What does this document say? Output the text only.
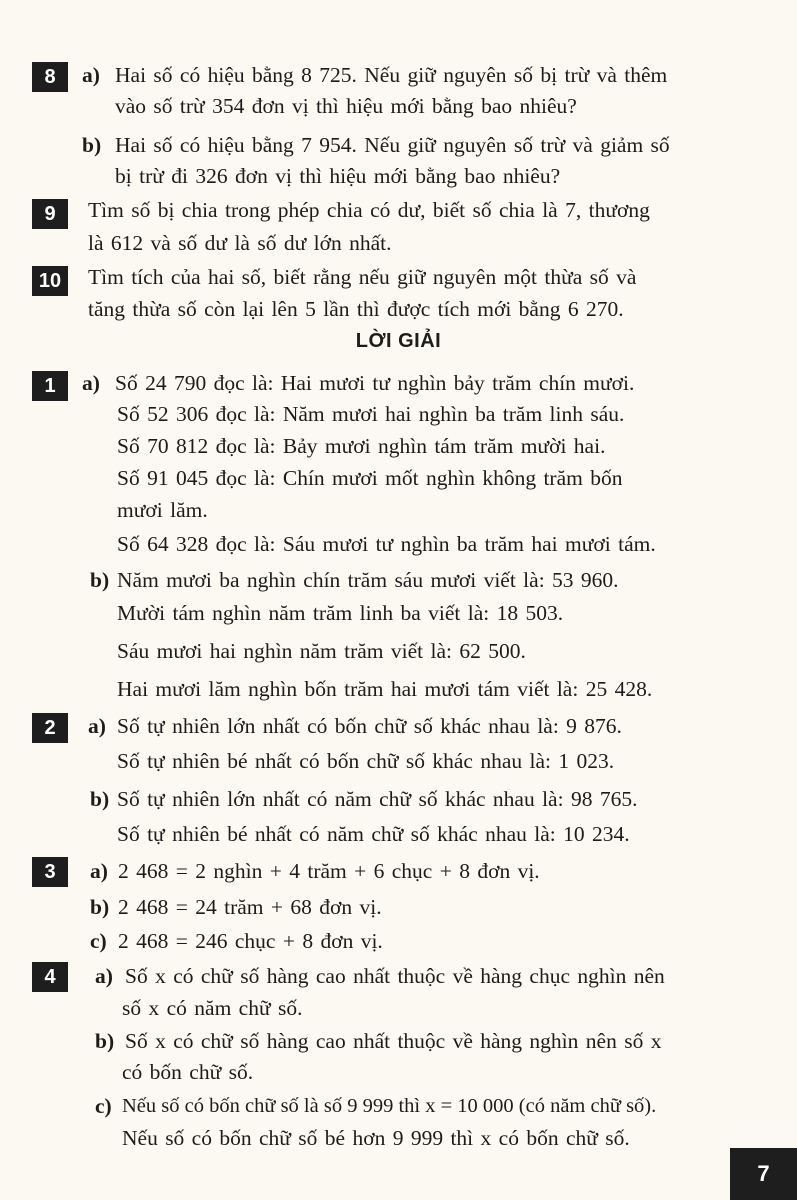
8	a) Hai số có hiệu bằng 8 725. Nếu giữ nguyên số bị trừ và thêm
vào số trừ 354 đơn vị thì hiệu mới bằng bao nhiêu?
b) Hai số có hiệu bằng 7 954. Nếu giữ nguyên số trừ và giảm số
bị trừ đi 326 đơn vị thì hiệu mới bằng bao nhiêu?
9	Tìm số bị chia trong phép chia có dư, biết số chia là 7, thương
là 612 và số dư là số dư lớn nhất.
10	Tìm tích của hai số, biết rằng nếu giữ nguyên một thừa số và
tăng thừa số còn lại lên 5 lần thì được tích mới bằng 6 270.
LỜI GIẢI
1	a) Số 24 790 đọc là: Hai mươi tư nghìn bảy trăm chín mươi.
Số 52 306 đọc là: Năm mươi hai nghìn ba trăm linh sáu.
Số 70 812 đọc là: Bảy mươi nghìn tám trăm mười hai.
Số 91 045 đọc là: Chín mươi mốt nghìn không trăm bốn
mươi lăm.
Số 64 328 đọc là: Sáu mươi tư nghìn ba trăm hai mươi tám.
b) Năm mươi ba nghìn chín trăm sáu mươi viết là: 53 960.
Mười tám nghìn năm trăm linh ba viết là: 18 503.
Sáu mươi hai nghìn năm trăm viết là: 62 500.
Hai mươi lăm nghìn bốn trăm hai mươi tám viết là: 25 428.
2	a) Số tự nhiên lớn nhất có bốn chữ số khác nhau là: 9 876.
Số tự nhiên bé nhất có bốn chữ số khác nhau là: 1 023.
b) Số tự nhiên lớn nhất có năm chữ số khác nhau là: 98 765.
Số tự nhiên bé nhất có năm chữ số khác nhau là: 10 234.
3	a) 2 468 = 2 nghìn + 4 trăm + 6 chục + 8 đơn vị.
b) 2 468 = 24 trăm + 68 đơn vị.
c) 2 468 = 246 chục + 8 đơn vị.
4	a) Số x có chữ số hàng cao nhất thuộc về hàng chục nghìn nên
số x có năm chữ số.
b) Số x có chữ số hàng cao nhất thuộc về hàng nghìn nên số x
có bốn chữ số.
c) Nếu số có bốn chữ số là số 9 999 thì x = 10 000 (có năm chữ số).
Nếu số có bốn chữ số bé hơn 9 999 thì x có bốn chữ số.
7
